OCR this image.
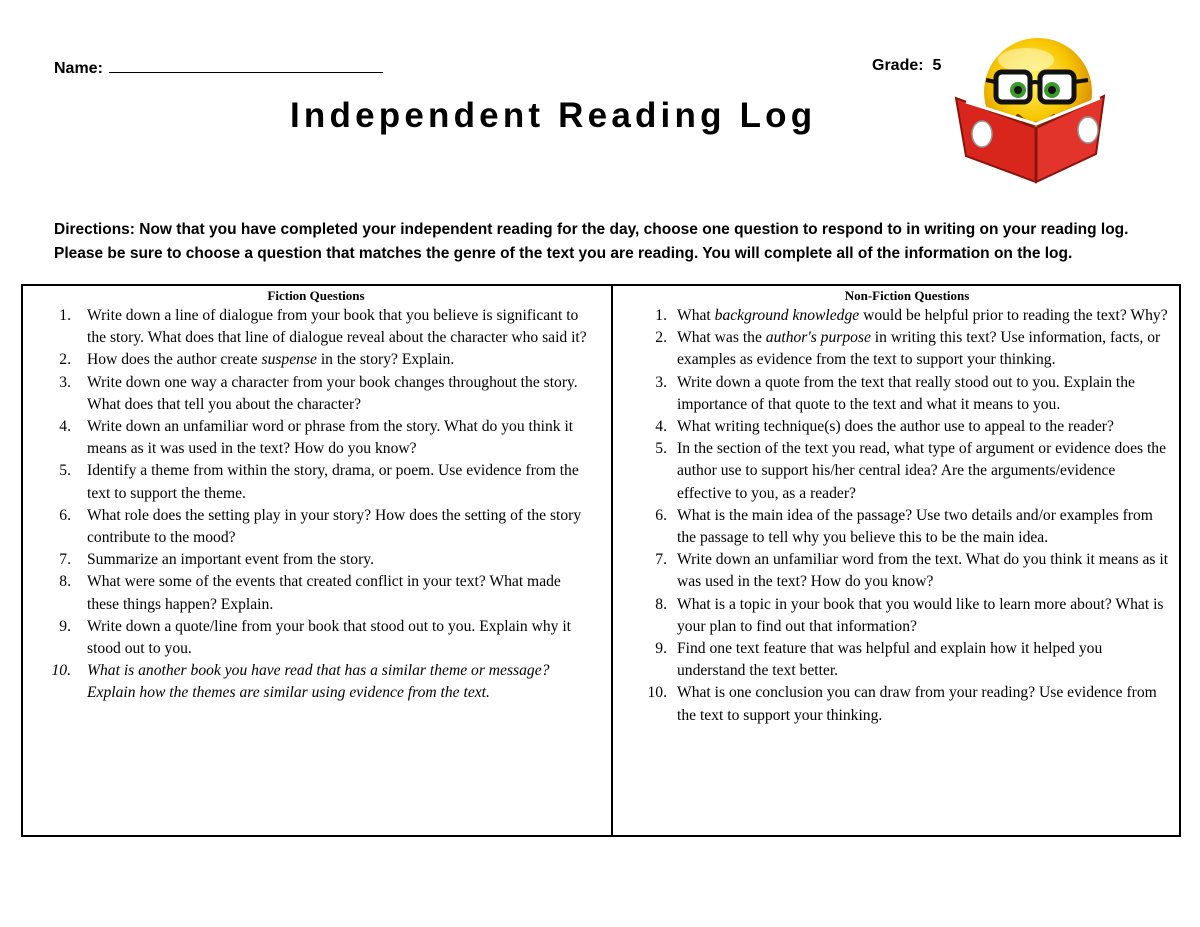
Name:	Grade: 5
Independent Reading Log
Directions: Now that you have completed your independent reading for the day, choose one question to respond to in writing on your reading log. Please be sure to choose a question that matches the genre of the text you are reading. You will complete all of the information on the log.
Fiction Questions
1. Write down a line of dialogue from your book that you believe is significant to the story. What does that line of dialogue reveal about the character who said it?
2. How does the author create suspense in the story? Explain.
3. Write down one way a character from your book changes throughout the story. What does that tell you about the character?
4. Write down an unfamiliar word or phrase from the story. What do you think it means as it was used in the text? How do you know?
5. Identify a theme from within the story, drama, or poem. Use evidence from the text to support the theme.
6. What role does the setting play in your story? How does the setting of the story contribute to the mood?
7. Summarize an important event from the story.
8. What were some of the events that created conflict in your text? What made these things happen? Explain.
9. Write down a quote/line from your book that stood out to you. Explain why it stood out to you.
10. What is another book you have read that has a similar theme or message? Explain how the themes are similar using evidence from the text.
Non-Fiction Questions
1. What background knowledge would be helpful prior to reading the text? Why?
2. What was the author's purpose in writing this text? Use information, facts, or examples as evidence from the text to support your thinking.
3. Write down a quote from the text that really stood out to you. Explain the importance of that quote to the text and what it means to you.
4. What writing technique(s) does the author use to appeal to the reader?
5. In the section of the text you read, what type of argument or evidence does the author use to support his/her central idea? Are the arguments/evidence effective to you, as a reader?
6. What is the main idea of the passage? Use two details and/or examples from the passage to tell why you believe this to be the main idea.
7. Write down an unfamiliar word from the text. What do you think it means as it was used in the text? How do you know?
8. What is a topic in your book that you would like to learn more about? What is your plan to find out that information?
9. Find one text feature that was helpful and explain how it helped you understand the text better.
10. What is one conclusion you can draw from your reading? Use evidence from the text to support your thinking.
